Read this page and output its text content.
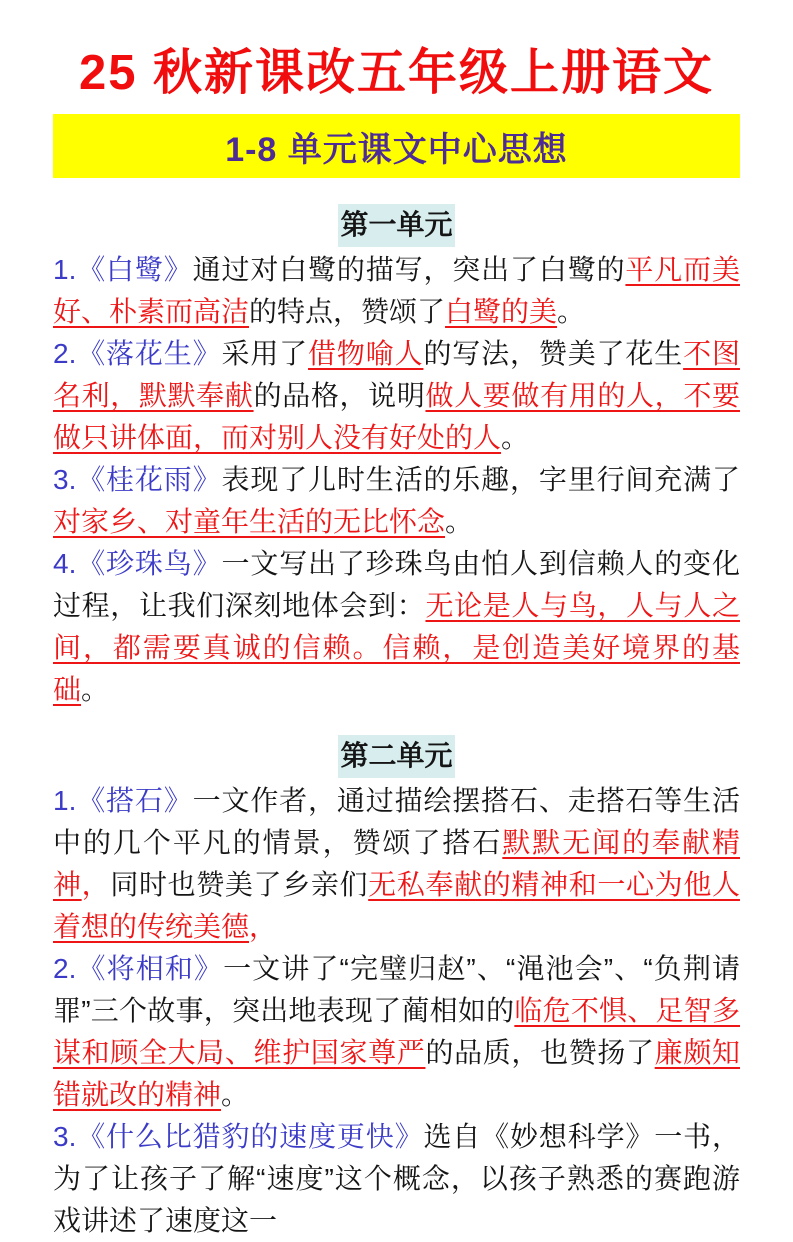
25 秋新课改五年级上册语文
1-8 单元课文中心思想
第一单元

1.《白鹭》通过对白鹭的描写，突出了白鹭的平凡而美好、朴素而高洁的特点，赞颂了白鹭的美。

2.《落花生》采用了借物喻人的写法，赞美了花生不图名利，默默奉献的品格，说明做人要做有用的人，不要做只讲体面，而对别人没有好处的人。

3.《桂花雨》表现了儿时生活的乐趣，字里行间充满了对家乡、对童年生活的无比怀念。

4.《珍珠鸟》一文写出了珍珠鸟由怕人到信赖人的变化过程，让我们深刻地体会到：无论是人与鸟，人与人之间，都需要真诚的信赖。信赖，是创造美好境界的基础。

第二单元

1.《搭石》一文作者，通过描绘摆搭石、走搭石等生活中的几个平凡的情景，赞颂了搭石默默无闻的奉献精神，同时也赞美了乡亲们无私奉献的精神和一心为他人着想的传统美德，

2.《将相和》一文讲了“完璧归赵”、“渑池会”、“负荆请罪”三个故事，突出地表现了蔺相如的临危不惧、足智多谋和顾全大局、维护国家尊严的品质，也赞扬了廉颇知错就改的精神。

3.《什么比猎豹的速度更快》选自《妙想科学》一书，为了让孩子了解“速度”这个概念，以孩子熟悉的赛跑游戏讲述了速度这一
